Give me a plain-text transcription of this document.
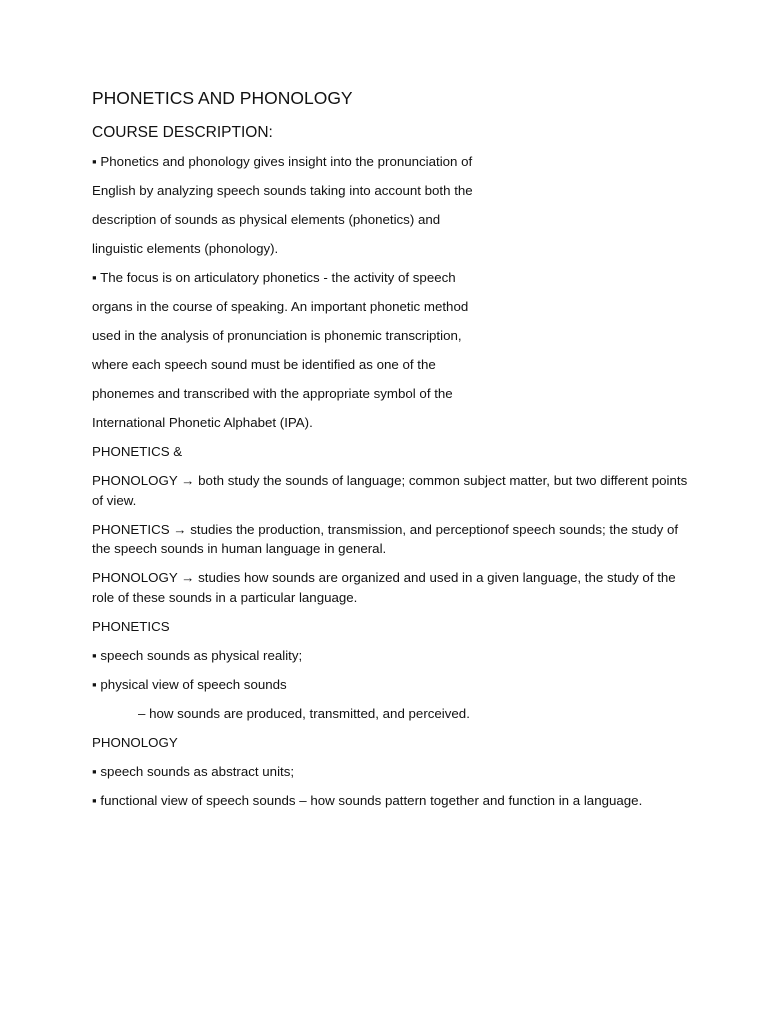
PHONETICS AND PHONOLOGY
COURSE DESCRIPTION:
▪ Phonetics and phonology gives insight into the pronunciation of
English by analyzing speech sounds taking into account both the
description of sounds as physical elements (phonetics) and
linguistic elements (phonology).
▪ The focus is on articulatory phonetics - the activity of speech
organs in the course of speaking. An important phonetic method
used in the analysis of pronunciation is phonemic transcription,
where each speech sound must be identified as one of the
phonemes and transcribed with the appropriate symbol of the
International Phonetic Alphabet (IPA).
PHONETICS &

PHONOLOGY → both study the sounds of language; common subject matter, but two different points of view.

PHONETICS → studies the production, transmission, and perceptionof speech sounds; the study of the speech sounds in human language in general.

PHONOLOGY → studies how sounds are organized and used in a given language, the study of the role of these sounds in a particular language.

PHONETICS
▪ speech sounds as physical reality;
▪ physical view of speech sounds
– how sounds are produced, transmitted, and perceived.
PHONOLOGY
▪ speech sounds as abstract units;

▪ functional view of speech sounds – how sounds pattern together and function in a language.
